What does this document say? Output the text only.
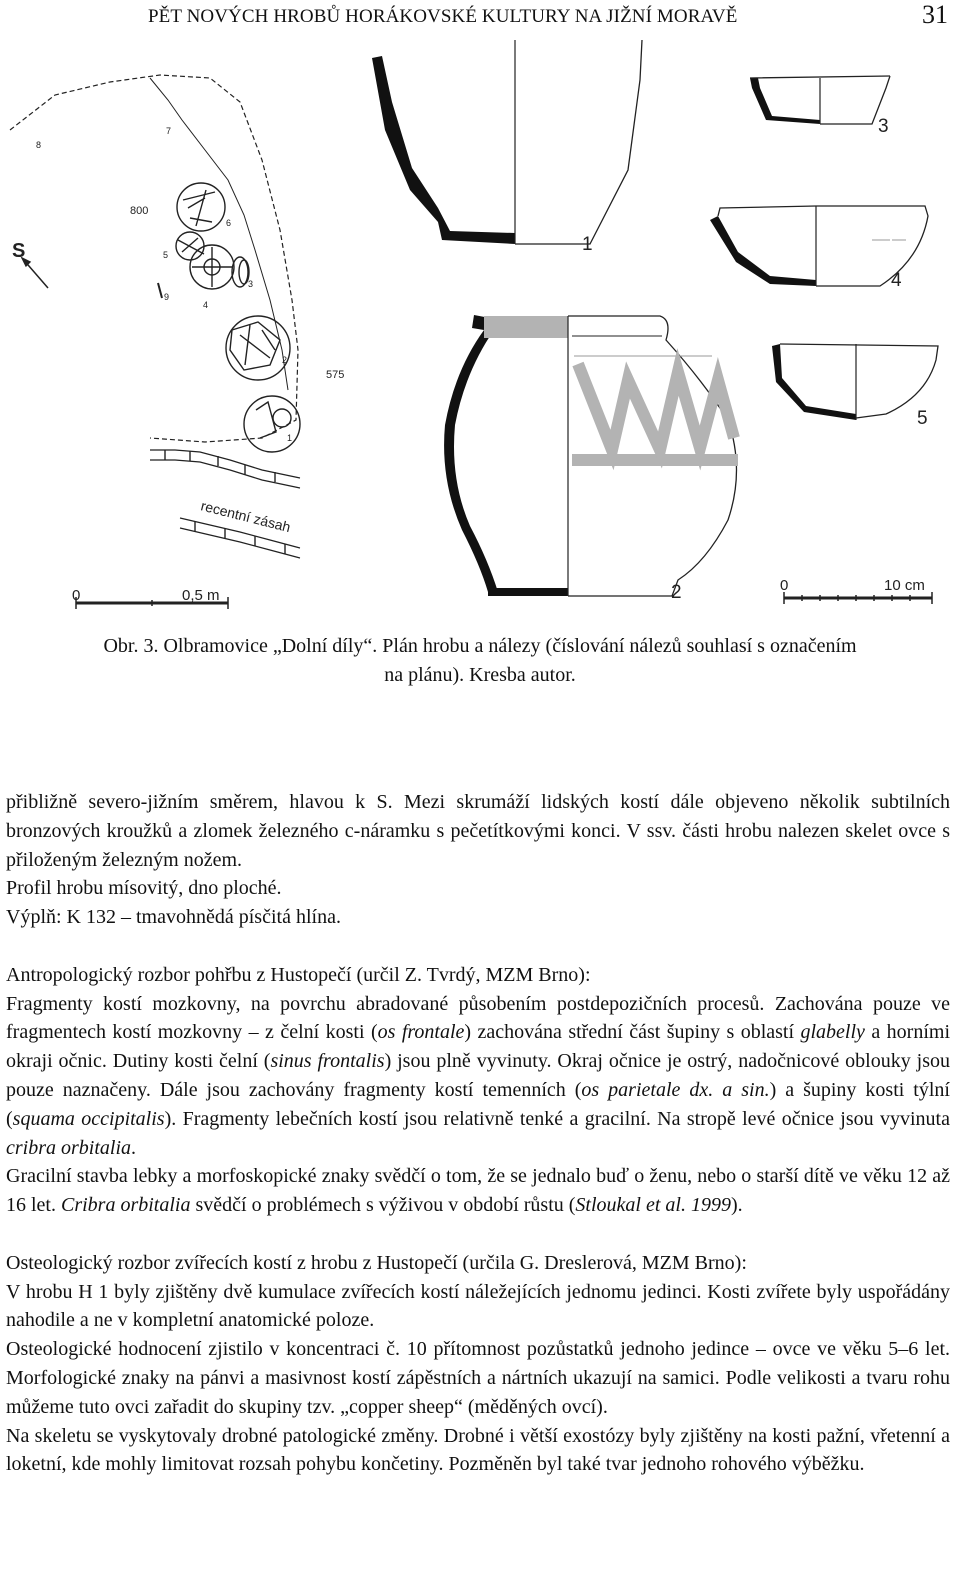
PĚT NOVÝCH HROBŮ HORÁKOVSKÉ KULTURY NA JIŽNÍ MORAVĚ	31
S
800
575
recentní zásah
0	0,5 m
1
2
3
4
5
6
7
8
9
1
2
3
4
5
0	10 cm
Obr. 3. Olbramovice „Dolní díly“. Plán hrobu a nálezy (číslování nálezů souhlasí s označením
na plánu). Kresba autor.

přibližně severo-jižním směrem, hlavou k S. Mezi skrumáží lidských kostí dále objeveno několik subtilních bronzových kroužků a zlomek železného c-náramku s pečetítkovými konci. V ssv. části hrobu nalezen skelet ovce s přiloženým železným nožem.

Profil hrobu mísovitý, dno ploché.

Výplň: K 132 – tmavohnědá písčitá hlína.

Antropologický rozbor pohřbu z Hustopečí (určil Z. Tvrdý, MZM Brno):

Fragmenty kostí mozkovny, na povrchu abradované působením postdepozičních procesů. Zachována pouze ve fragmentech kostí mozkovny – z čelní kosti (os frontale) zachována střední část šupiny s oblastí glabelly a horními okraji očnic. Dutiny kosti čelní (sinus frontalis) jsou plně vyvinuty. Okraj očnice je ostrý, nadočnicové oblouky jsou pouze naznačeny. Dále jsou zachovány fragmenty kostí temenních (os parietale dx. a sin.) a šupiny kosti týlní (squama occipitalis). Fragmenty lebečních kostí jsou relativně tenké a gracilní. Na stropě levé očnice jsou vyvinuta cribra orbitalia.

Gracilní stavba lebky a morfoskopické znaky svědčí o tom, že se jednalo buď o ženu, nebo o starší dítě ve věku 12 až 16 let. Cribra orbitalia svědčí o problémech s výživou v období růstu (Stloukal et al. 1999).

Osteologický rozbor zvířecích kostí z hrobu z Hustopečí (určila G. Dreslerová, MZM Brno):

V hrobu H 1 byly zjištěny dvě kumulace zvířecích kostí náležejících jednomu jedinci. Kosti zvířete byly uspořádány nahodile a ne v kompletní anatomické poloze.

Osteologické hodnocení zjistilo v koncentraci č. 10 přítomnost pozůstatků jednoho jedince – ovce ve věku 5–6 let. Morfologické znaky na pánvi a masivnost kostí zápěstních a nártních ukazují na samici. Podle velikosti a tvaru rohu můžeme tuto ovci zařadit do skupiny tzv. „copper sheep“ (měděných ovcí).

Na skeletu se vyskytovaly drobné patologické změny. Drobné i větší exostózy byly zjištěny na kosti pažní, vřetenní a loketní, kde mohly limitovat rozsah pohybu končetiny. Pozměněn byl také tvar jednoho rohového výběžku.
